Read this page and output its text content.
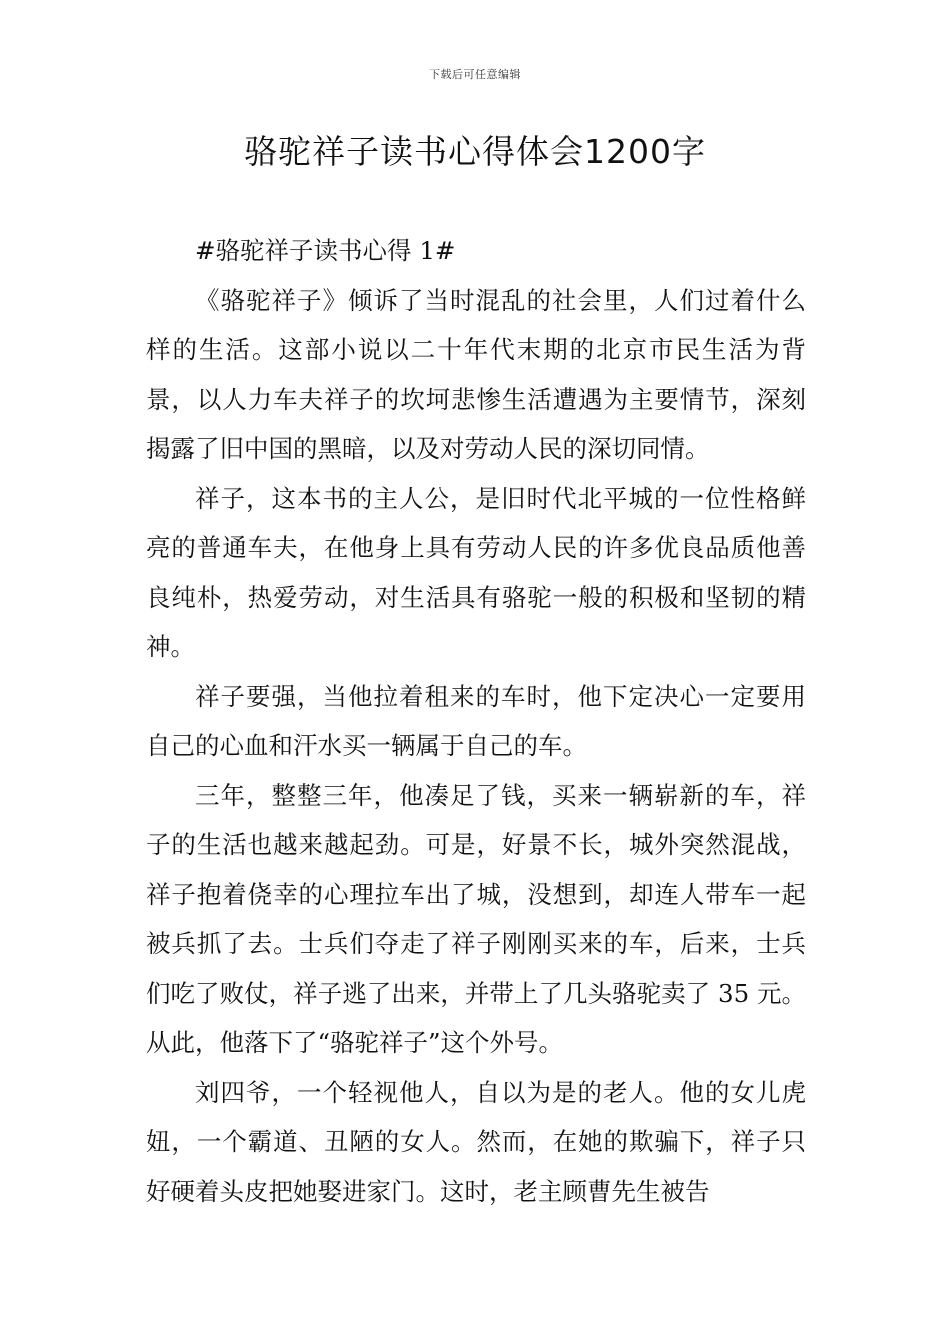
下载后可任意编辑
骆驼祥子读书心得体会1200字

#骆驼祥子读书心得 1#

《骆驼祥子》倾诉了当时混乱的社会里，人们过着什么样的生活。这部小说以二十年代末期的北京市民生活为背景，以人力车夫祥子的坎坷悲惨生活遭遇为主要情节，深刻揭露了旧中国的黑暗，以及对劳动人民的深切同情。

祥子，这本书的主人公，是旧时代北平城的一位性格鲜亮的普通车夫，在他身上具有劳动人民的许多优良品质他善良纯朴，热爱劳动，对生活具有骆驼一般的积极和坚韧的精神。

祥子要强，当他拉着租来的车时，他下定决心一定要用自己的心血和汗水买一辆属于自己的车。

三年，整整三年，他凑足了钱，买来一辆崭新的车，祥子的生活也越来越起劲。可是，好景不长，城外突然混战，祥子抱着侥幸的心理拉车出了城，没想到，却连人带车一起被兵抓了去。士兵们夺走了祥子刚刚买来的车，后来，士兵们吃了败仗，祥子逃了出来，并带上了几头骆驼卖了 35 元。从此，他落下了“骆驼祥子”这个外号。

刘四爷，一个轻视他人，自以为是的老人。他的女儿虎妞，一个霸道、丑陋的女人。然而，在她的欺骗下，祥子只好硬着头皮把她娶进家门。这时，老主顾曹先生被告
